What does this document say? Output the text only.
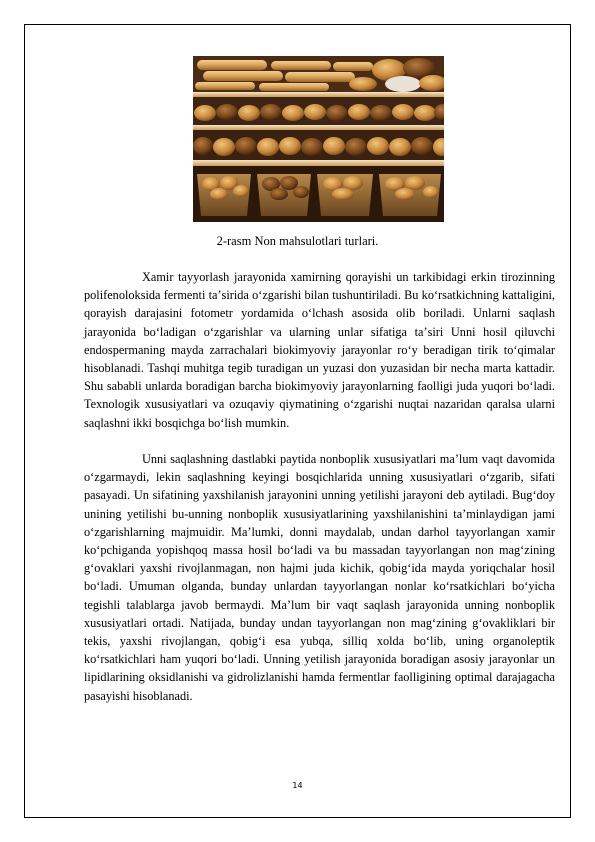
2-rasm Non mahsulotlari turlari.

Xamir tayyorlash jarayonida xamirning qorayishi un tarkibidagi erkin tirozinning polifenoloksida fermenti taʼsirida oʻzgarishi bilan tushuntiriladi. Bu koʻrsatkichning kattaligini, qorayish darajasini fotometr yordamida oʻlchash asosida olib boriladi. Unlarni saqlash jarayonida boʻladigan oʻzgarishlar va ularning unlar sifatiga taʼsiri Unni hosil qiluvchi endospermaning mayda zarrachalari biokimyoviy jarayonlar roʻy beradigan tirik toʻqimalar hisoblanadi. Tashqi muhitga tegib turadigan un yuzasi don yuzasidan bir necha marta kattadir. Shu sababli unlarda boradigan barcha biokimyoviy jarayonlarning faolligi juda yuqori boʻladi. Texnologik xususiyatlari va ozuqaviy qiymatining oʻzgarishi nuqtai nazaridan qaralsa ularni saqlashni ikki bosqichga boʻlish mumkin.

Unni saqlashning dastlabki paytida nonboplik xususiyatlari maʼlum vaqt davomida oʻzgarmaydi, lekin saqlashning keyingi bosqichlarida unning xususiyatlari oʻzgarib, sifati pasayadi. Un sifatining yaxshilanish jarayonini unning yetilishi jarayoni deb aytiladi. Bugʻdoy unining yetilishi bu-unning nonboplik xususiyatlarining yaxshilanishini taʼminlaydigan jami oʻzgarishlarning majmuidir. Maʼlumki, donni maydalab, undan darhol tayyorlangan xamir koʻpchiganda yopishqoq massa hosil boʻladi va bu massadan tayyorlangan non magʻzining gʻovaklari yaxshi rivojlanmagan, non hajmi juda kichik, qobigʻida mayda yoriqchalar hosil boʻladi. Umuman olganda, bunday unlardan tayyorlangan nonlar koʻrsatkichlari boʻyicha tegishli talablarga javob bermaydi. Maʼlum bir vaqt saqlash jarayonida unning nonboplik xususiyatlari ortadi. Natijada, bunday undan tayyorlangan non magʻzining gʻovakliklari bir tekis, yaxshi rivojlangan, qobigʻi esa yubqa, silliq xolda boʻlib, uning organoleptik koʻrsatkichlari ham yuqori boʻladi. Unning yetilish jarayonida boradigan asosiy jarayonlar un lipidlarining oksidlanishi va gidrolizlanishi hamda fermentlar faolligining optimal darajagacha pasayishi hisoblanadi.

14
